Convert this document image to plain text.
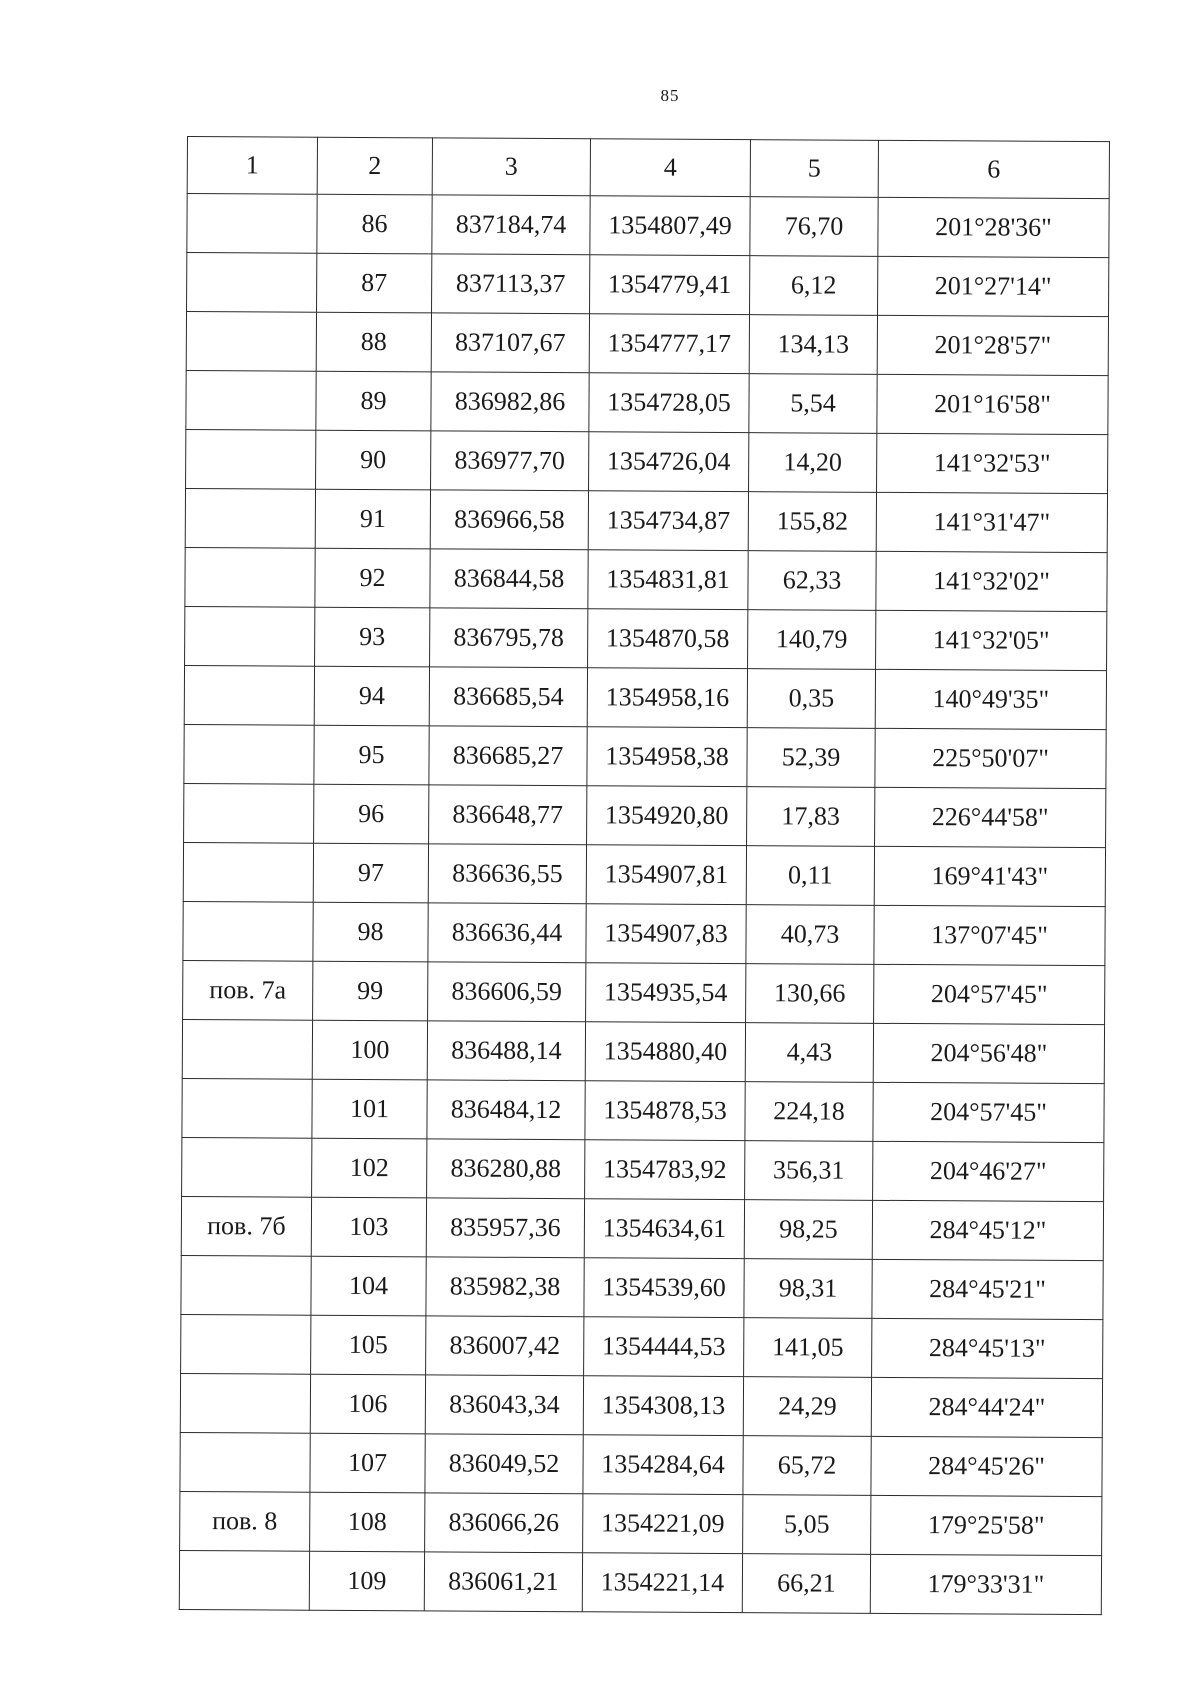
85
1	2	3	4	5	6
	86	837184,74	1354807,49	76,70	201°28'36"
	87	837113,37	1354779,41	6,12	201°27'14"
	88	837107,67	1354777,17	134,13	201°28'57"
	89	836982,86	1354728,05	5,54	201°16'58"
	90	836977,70	1354726,04	14,20	141°32'53"
	91	836966,58	1354734,87	155,82	141°31'47"
	92	836844,58	1354831,81	62,33	141°32'02"
	93	836795,78	1354870,58	140,79	141°32'05"
	94	836685,54	1354958,16	0,35	140°49'35"
	95	836685,27	1354958,38	52,39	225°50'07"
	96	836648,77	1354920,80	17,83	226°44'58"
	97	836636,55	1354907,81	0,11	169°41'43"
	98	836636,44	1354907,83	40,73	137°07'45"
пов. 7а	99	836606,59	1354935,54	130,66	204°57'45"
	100	836488,14	1354880,40	4,43	204°56'48"
	101	836484,12	1354878,53	224,18	204°57'45"
	102	836280,88	1354783,92	356,31	204°46'27"
пов. 7б	103	835957,36	1354634,61	98,25	284°45'12"
	104	835982,38	1354539,60	98,31	284°45'21"
	105	836007,42	1354444,53	141,05	284°45'13"
	106	836043,34	1354308,13	24,29	284°44'24"
	107	836049,52	1354284,64	65,72	284°45'26"
пов. 8	108	836066,26	1354221,09	5,05	179°25'58"
	109	836061,21	1354221,14	66,21	179°33'31"
